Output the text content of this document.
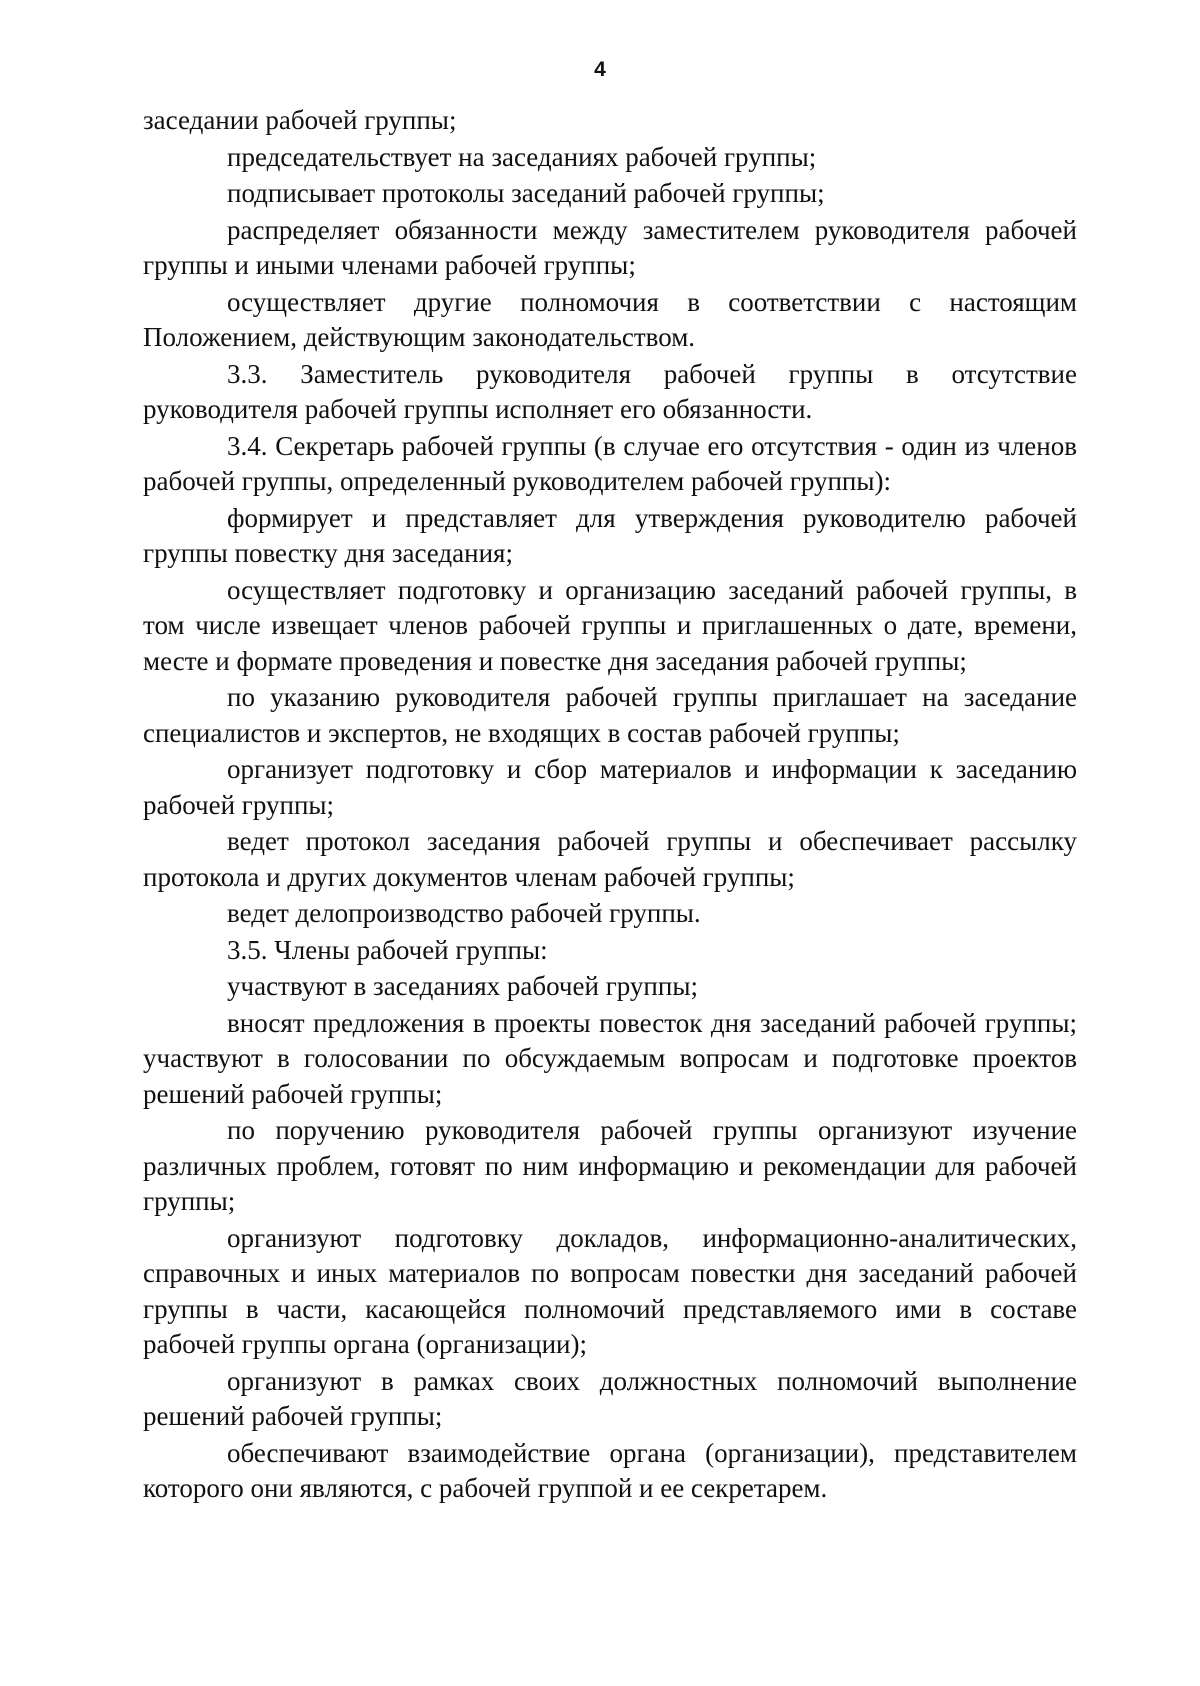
4

заседании рабочей группы;

председательствует на заседаниях рабочей группы;

подписывает протоколы заседаний рабочей группы;

распределяет обязанности между заместителем руководителя рабочей группы и иными членами рабочей группы;

осуществляет другие полномочия в соответствии с настоящим Положением, действующим законодательством.

3.3. Заместитель руководителя рабочей группы в отсутствие руководителя рабочей группы исполняет его обязанности.

3.4. Секретарь рабочей группы (в случае его отсутствия - один из членов рабочей группы, определенный руководителем рабочей группы):

формирует и представляет для утверждения руководителю рабочей группы повестку дня заседания;

осуществляет подготовку и организацию заседаний рабочей группы, в том числе извещает членов рабочей группы и приглашенных о дате, времени, месте и формате проведения и повестке дня заседания рабочей группы;

по указанию руководителя рабочей группы приглашает на заседание специалистов и экспертов, не входящих в состав рабочей группы;

организует подготовку и сбор материалов и информации к заседанию рабочей группы;

ведет протокол заседания рабочей группы и обеспечивает рассылку протокола и других документов членам рабочей группы;

ведет делопроизводство рабочей группы.

3.5. Члены рабочей группы:

участвуют в заседаниях рабочей группы;

вносят предложения в проекты повесток дня заседаний рабочей группы; участвуют в голосовании по обсуждаемым вопросам и подготовке проектов решений рабочей группы;

по поручению руководителя рабочей группы организуют изучение различных проблем, готовят по ним информацию и рекомендации для рабочей группы;

организуют подготовку докладов, информационно-аналитических, справочных и иных материалов по вопросам повестки дня заседаний рабочей группы в части, касающейся полномочий представляемого ими в составе рабочей группы органа (организации);

организуют в рамках своих должностных полномочий выполнение решений рабочей группы;

обеспечивают взаимодействие органа (организации), представителем которого они являются, с рабочей группой и ее секретарем.
